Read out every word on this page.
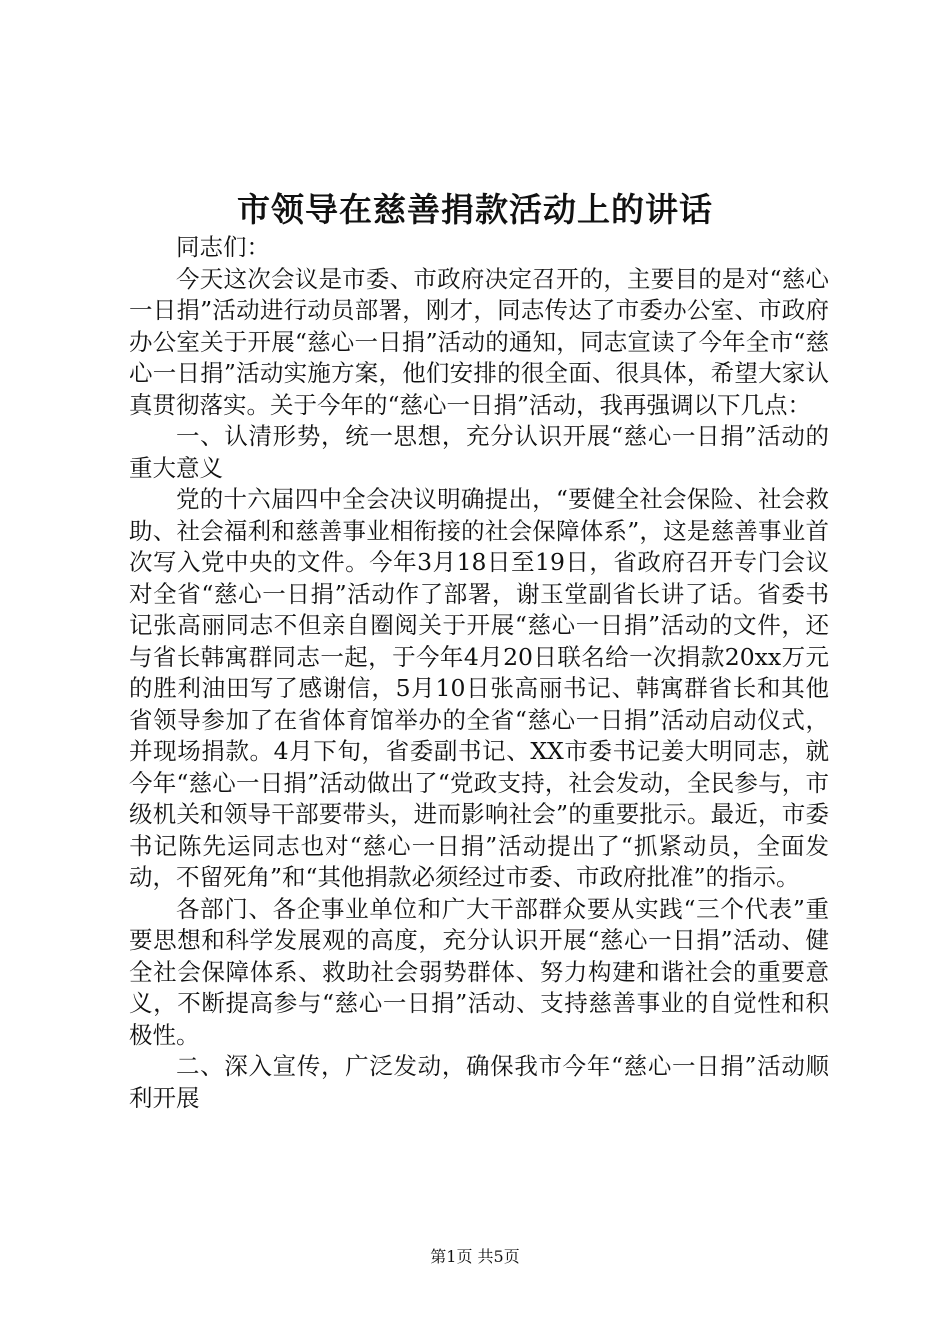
市领导在慈善捐款活动上的讲话

同志们：

今天这次会议是市委、市政府决定召开的，主要目的是对“慈心一日捐”活动进行动员部署，刚才，同志传达了市委办公室、市政府办公室关于开展“慈心一日捐”活动的通知，同志宣读了今年全市“慈心一日捐”活动实施方案，他们安排的很全面、很具体，希望大家认真贯彻落实。关于今年的“慈心一日捐”活动，我再强调以下几点：

一、认清形势，统一思想，充分认识开展“慈心一日捐”活动的重大意义

党的十六届四中全会决议明确提出，“要健全社会保险、社会救助、社会福利和慈善事业相衔接的社会保障体系”，这是慈善事业首次写入党中央的文件。今年3月18日至19日，省政府召开专门会议对全省“慈心一日捐”活动作了部署，谢玉堂副省长讲了话。省委书记张高丽同志不但亲自圈阅关于开展“慈心一日捐”活动的文件，还与省长韩寓群同志一起，于今年4月20日联名给一次捐款20xx万元的胜利油田写了感谢信，5月10日张高丽书记、韩寓群省长和其他省领导参加了在省体育馆举办的全省“慈心一日捐”活动启动仪式，并现场捐款。4月下旬，省委副书记、XX市委书记姜大明同志，就今年“慈心一日捐”活动做出了“党政支持，社会发动，全民参与，市级机关和领导干部要带头，进而影响社会”的重要批示。最近，市委书记陈先运同志也对“慈心一日捐”活动提出了“抓紧动员，全面发动，不留死角”和“其他捐款必须经过市委、市政府批准”的指示。

各部门、各企事业单位和广大干部群众要从实践“三个代表”重要思想和科学发展观的高度，充分认识开展“慈心一日捐”活动、健全社会保障体系、救助社会弱势群体、努力构建和谐社会的重要意义，不断提高参与“慈心一日捐”活动、支持慈善事业的自觉性和积极性。

二、深入宣传，广泛发动，确保我市今年“慈心一日捐”活动顺利开展

第1页 共5页
